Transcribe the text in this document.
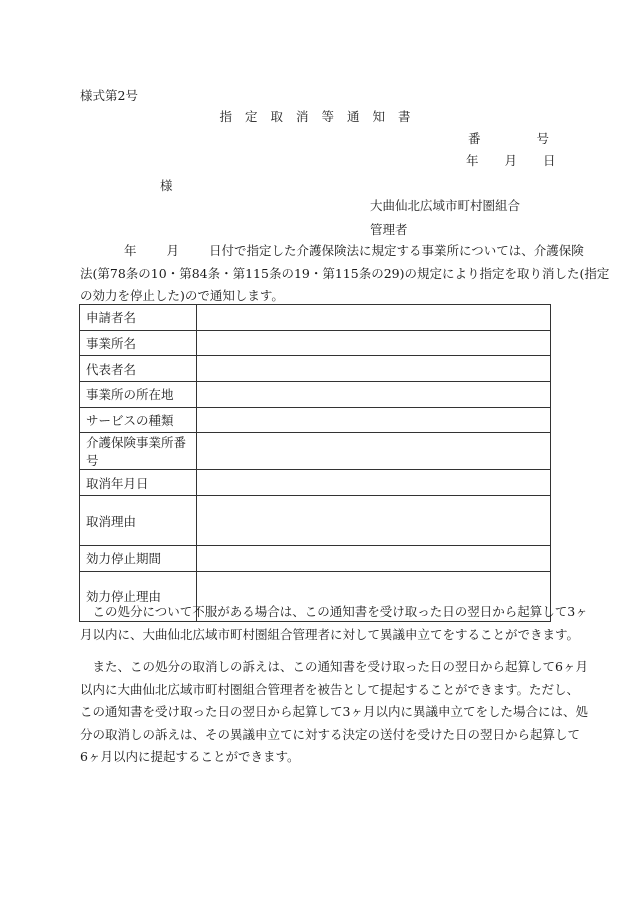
様式第2号
指定取消等通知書
番	号
年 月 日
様
大曲仙北広域市町村圏組合
管理者
年 月 日付で指定した介護保険法に規定する事業所については、介護保険
法(第78条の10・第84条・第115条の19・第115条の29)の規定により指定を取り消した(指定
の効力を停止した)ので通知します。
申請者名	
事業所名	
代表者名	
事業所の所在地	
サービスの種類	
介護保険事業所番号	
取消年月日	
取消理由	
効力停止期間	
効力停止理由	
　この処分について不服がある場合は、この通知書を受け取った日の翌日から起算して3ヶ
月以内に、大曲仙北広域市町村圏組合管理者に対して異議申立てをすることができます。
　また、この処分の取消しの訴えは、この通知書を受け取った日の翌日から起算して6ヶ月
以内に大曲仙北広域市町村圏組合管理者を被告として提起することができます。ただし、
この通知書を受け取った日の翌日から起算して3ヶ月以内に異議申立てをした場合には、処
分の取消しの訴えは、その異議申立てに対する決定の送付を受けた日の翌日から起算して
6ヶ月以内に提起することができます。
